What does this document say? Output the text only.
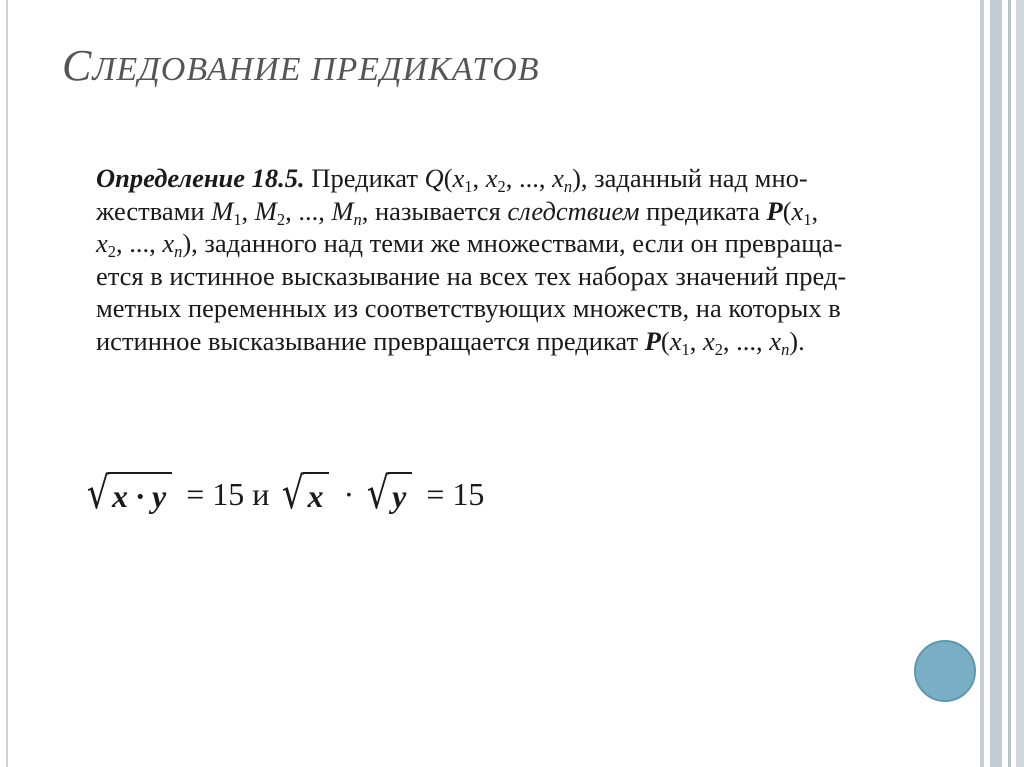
СЛЕДОВАНИЕ ПРЕДИКАТОВ
Определение 18.5. Предикат $Q(x_1$, $x_2$, ..., $x_n$), заданный над мно-
жествами $M_1$, $M_2$, ..., $M_n$, называется следствием предиката $P(x_1$,
$x_2$, ..., $x_n$), заданного над теми же множествами, если он превраща-
ется в истинное высказывание на всех тех наборах значений пред-
метных переменных из соответствующих множеств, на которых в
истинное высказывание превращается предикат $P(x_1$, $x_2$, ..., $x_n$).
√ x · y = 15 и √ x · √ y = 15
